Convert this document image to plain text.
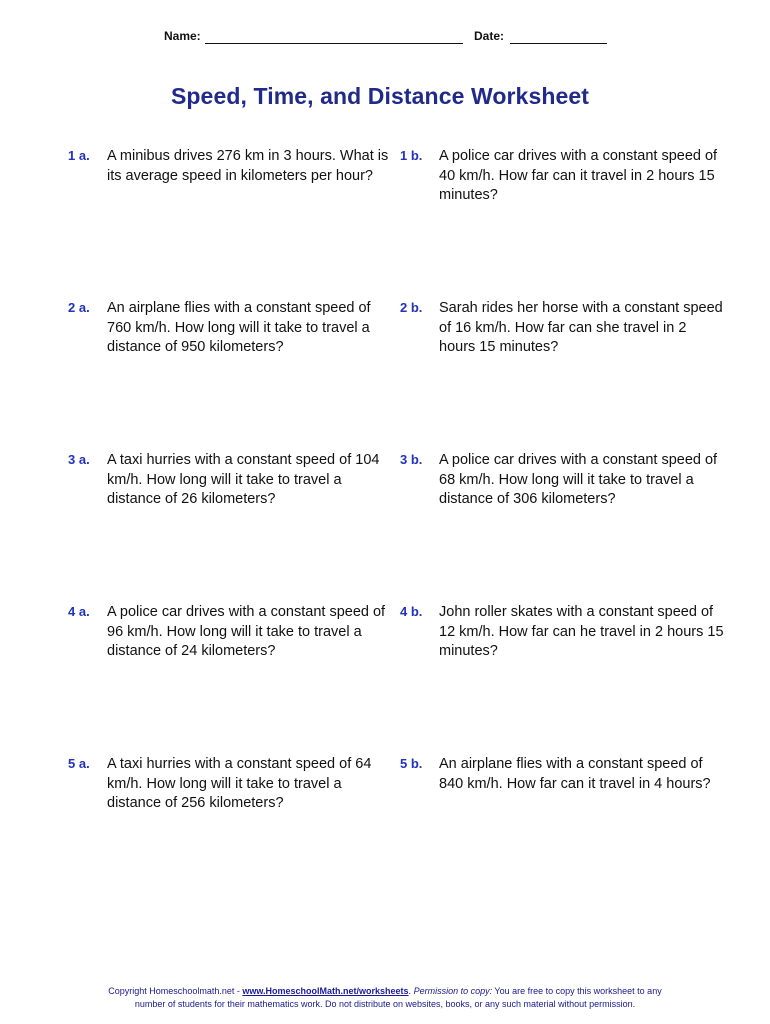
Name:	Date:
Speed, Time, and Distance Worksheet
1 a. A minibus drives 276 km in 3 hours. What is its average speed in kilometers per hour?
1 b. A police car drives with a constant speed of 40 km/h. How far can it travel in 2 hours 15 minutes?
2 a. An airplane flies with a constant speed of 760 km/h. How long will it take to travel a distance of 950 kilometers?
2 b. Sarah rides her horse with a constant speed of 16 km/h. How far can she travel in 2 hours 15 minutes?
3 a. A taxi hurries with a constant speed of 104 km/h. How long will it take to travel a distance of 26 kilometers?
3 b. A police car drives with a constant speed of 68 km/h. How long will it take to travel a distance of 306 kilometers?
4 a. A police car drives with a constant speed of 96 km/h. How long will it take to travel a distance of 24 kilometers?
4 b. John roller skates with a constant speed of 12 km/h. How far can he travel in 2 hours 15 minutes?
5 a. A taxi hurries with a constant speed of 64 km/h. How long will it take to travel a distance of 256 kilometers?
5 b. An airplane flies with a constant speed of 840 km/h. How far can it travel in 4 hours?
Copyright Homeschoolmath.net - www.HomeschoolMath.net/worksheets. Permission to copy: You are free to copy this worksheet to any
number of students for their mathematics work. Do not distribute on websites, books, or any such material without permission.
